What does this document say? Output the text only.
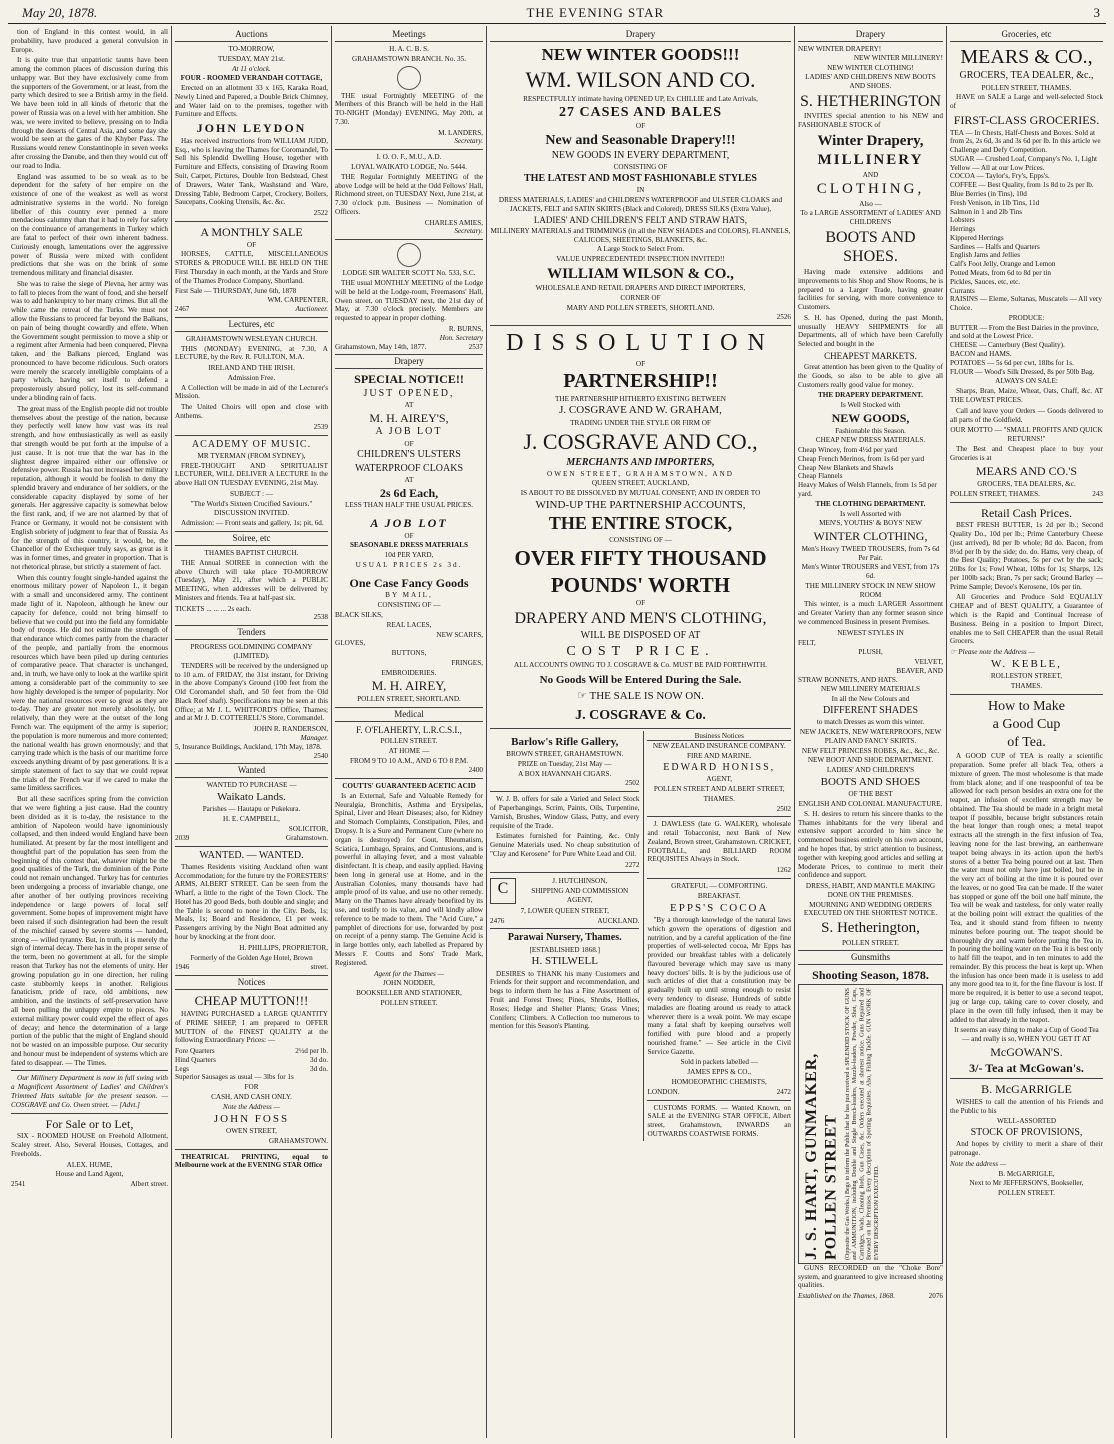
May 20, 1878.	THE EVENING STAR	3

tion of England in this contest would, in all probability, have produced a general convulsion in Europe.

It is quite true that unpatriotic taunts have been among the common places of discussion during this unhappy war. But they have exclusively come from the supporters of the Government, or at least, from the party which desired to see a British army in the field. We have been told in all kinds of rhetoric that the power of Russia was on a level with her ambition. She was, we were invited to believe, pressing on to India through the deserts of Central Asia, and some day she would be seen at the gates of the Khyber Pass. The Russians would renew Constantinople in seven weeks after crossing the Danube, and then they would cut off our road to India.

England was assumed to be so weak as to be dependent for the safety of her empire on the existence of one of the weakest as well as worst administrative systems in the world. No foreign libeller of this country ever penned a more mendacious calumny than that it had to rely for safety on the continuance of arrangements in Turkey which are fatal to perfect of their own inherent badness. Curiously enough, lamentations over the aggressive power of Russia were mixed with confident predictions that she was on the brink of some tremendous military and financial disaster.

She was to raise the siege of Plevna, her army was to fall to pieces from the want of food, and she herself was to add bankruptcy to her many crimes. But all the while came the retreat of the Turks. We must not allow the Russians to proceed far beyond the Balkans, on pain of being thought cowardly and effete. When the Government sought permission to move a ship or a regiment after Armenia had been conquered, Plevna taken, and the Balkans pierced, England was pronounced to have become ridiculous. Such orators were merely the scarcely intelligible complaints of a party which, having set itself to defend a preposterously absurd policy, lost its self-command under a blinding rain of facts.

The great mass of the English people did not trouble themselves about the prestige of the nation, because they perfectly well knew how vast was its real strength, and how enthusiastically as well as easily that strength would be put forth at the impulse of a just cause. It is not true that the war has in the slightest degree impaired either our offensive or defensive power. Russia has not increased her military reputation, although it would be foolish to deny the splendid bravery and endurance of her soldiers, or the considerable capacity displayed by some of her generals. Her aggressive capacity is somewhat below the first rank, and, if we are not alarmed by that of France or Germany, it would not be consistent with English sobriety of judgment to fear that of Russia. As for the strength of this country, it would, be, the Chancellor of the Exchequer truly says, as great as it was in former times, and greater in proportion. That is not rhetorical phrase, but strictly a statement of fact.

When this country fought single-handed against the enormous military power of Napoleon I., it began with a small and unconsidered army. The continent made light of it. Napoleon, although he knew our capacity for defence, could not bring himself to believe that we could put into the field any formidable body of troops. He did not estimate the strength of that endurance which comes partly from the character of the people, and partially from the enormous resources which have been piled up during centuries of comparative peace. That character is unchanged, and, in truth, we have only to look at the warlike spirit among a considerable part of the community to see how highly developed is the temper of popularity. Nor were the national resources ever so great as they are to-day. They are greater not merely absolutely, but relatively, than they were at the outset of the long French war. The equipment of the army is superior; the population is more numerous and more contented; the national wealth has grown enormously; and that carrying trade which is the basis of our maritime force exceeds anything dreamt of by past generations. It is a simple statement of fact to say that we could repeat the trials of the French war if we cared to make the same limitless sacrifices.

But all these sacrifices spring from the conviction that we were fighting a just cause. Had the country been divided as it is to-day, the resistance to the ambition of Napoleon would have ignominiously collapsed, and then indeed would England have been humiliated. At present by far the most intelligent and thoughtful part of the population has seen from the beginning of this contest that, whatever might be the good qualities of the Turk, the dominion of the Porte could not remain unchanged. Turkey has for centuries been undergoing a process of invariable change, one after another of her outlying provinces receiving independence or large powers of local self government. Some hopes of improvement might have been raised if such disintegration had been the result of the mischief caused by severe storms — handed, strong — willed tyranny. But, in truth, it is merely the sign of internal decay. There has in the proper sense of the term, been no government at all, for the simple reason that Turkey has not the elements of unity. Her growing population go in one direction, her ruling caste stubbornly keeps in another. Religious fanaticism, pride of race, old ambitions, new ambition, and the instincts of self-preservation have all been pulling the unhappy empire to pieces. No external military power could expel the effect of ages of decay; and hence the determination of a large portion of the public that the might of England should not be wasted on an impossible purpose. Our security and honour must be independent of systems which are fated to disappear. — The Times.

Our Millinery Department is now in full swing with a Magnificent Assortment of Ladies' and Children's Trimmed Hats suitable for the present season. — COSGRAVE and Co. Owen street. — [Advt.]

For Sale or to Let,

SIX - ROOMED HOUSE on Freehold Allotment, Scaley street. Also, Several Houses, Cottages, and Freeholds.

ALEX. HUME,
House and Land Agent,
2541	Albert street.
Auctions
TO-MORROW,
TUESDAY, MAY 21st.
At 11 o'clock.
FOUR - ROOMED VERANDAH COTTAGE,

Erected on an allotment 33 x 165, Karaka Road, Newly Lined and Papered, a Double Brick Chimney, and Water laid on to the premises, together with Furniture and Effects.

JOHN LEYDON

Has received instructions from WILLIAM JUDD, Esq., who is leaving the Thames for Coromandel, To Sell his Splendid Dwelling House, together with Furniture and Effects, consisting of Drawing Room Suit, Carpet, Pictures, Double Iron Bedstead, Chest of Drawers, Water Tank, Washstand and Ware, Dressing Table, Bedroom Carpet, Crockery, Boilers, Saucepans, Cooking Utensils, &c. &c.

2522
A MONTHLY SALE
OF

HORSES, CATTLE, MISCELLANEOUS STORES & PRODUCE WILL BE HELD ON THE First Thursday in each month, at the Yards and Store of the Thames Produce Company, Shortland.

First Sale — THURSDAY, June 6th, 1878
WM. CARPENTER,
2467	Auctioneer.
Lectures, etc
GRAHAMSTOWN WESLEYAN CHURCH.

THIS (MONDAY) EVENING, at 7.30, A LECTURE, by the Rev. R. FULLTON, M.A.

IRELAND AND THE IRISH.
Admission Free.

A Collection will be made in aid of the Lecturer's Mission.

The United Choirs will open and close with Anthems.

2539
ACADEMY OF MUSIC.
MR TYERMAN (FROM SYDNEY),

FREE-THOUGHT AND SPIRITUALIST LECTURER, WILL DELIVER A LECTURE In the above Hall ON TUESDAY EVENING, 21st May.

SUBJECT : —
"The World's Sixteen Crucified Saviours."
DISCUSSION INVITED.

Admission: — Front seats and gallery, 1s; pit, 6d.

Soiree, etc
THAMES BAPTIST CHURCH.

THE Annual SOIREE in connection with the above Church will take place TO-MORROW (Tuesday), May 21, after which a PUBLIC MEETING, when addresses will be delivered by Ministers and friends. Tea at half-past six.

TICKETS ... ... ... 2s each.
2538
Tenders
PROGRESS GOLDMINING COMPANY (LIMITED).

TENDERS will be received by the undersigned up to 10 a.m. of FRIDAY, the 31st instant, for Driving in the above Company's Ground (100 feet from the Old Coromandel shaft, and 50 feet from the Old Black Reef shaft). Specifications may be seen at this Office; at Mr J. L. WHITFORD'S Office, Thames; and at Mr J. D. COTTERELL'S Store, Coromandel.

JOHN R. RANDERSON,
Manager.
5, Insurance Buildings, Auckland, 17th May, 1878.
2540
Wanted
WANTED TO PURCHASE —
Waikato Lands.
Parishes — Hautapu or Pukekura.
H. E. CAMPBELL,
SOLICITOR,
2039	Grahamstown.
WANTED. — WANTED.

Thames Residents visiting Auckland often want Accommodation; for the future try the FORESTERS' ARMS, ALBERT STREET. Can be seen from the Wharf, a little to the right of the Town Clock. The Hotel has 20 good Beds, both double and single; and the Table is second to none in the City. Beds, 1s; Meals, 1s; Board and Residence, £1 per week. Passengers arriving by the Night Boat admitted any hour by knocking at the front door.

H. PHILLIPS, PROPRIETOR,
Formerly of the Golden Age Hotel, Brown
1946	street.
Notices
CHEAP MUTTON!!!

HAVING PURCHASED a LARGE QUANTITY of PRIME SHEEP, I am prepared to OFFER MUTTON of the FINEST QUALITY at the following Extraordinary Prices: —

Fore Quarters	2½d per lb.
Hind Quarters	3d do.
Legs	3d do.
Superior Sausages as usual — 3lbs for 1s
FOR
CASH, AND CASH ONLY.
Note the Address —
JOHN FOSS
OWEN STREET,
GRAHAMSTOWN.

THEATRICAL PRINTING, equal to Melbourne work at the EVENING STAR Office

Meetings
H. A. C. B. S.
GRAHAMSTOWN BRANCH. No. 35.

THE usual Fortnightly MEETING of the Members of this Branch will be held in the Hall TO-NIGHT (Monday) EVENING, May 20th, at 7.30.

M. LANDERS,
Secretary.
I. O. O. F., M.U., A.D.
LOYAL WAIKATO LODGE, No. 5444.

THE Regular Fortnightly MEETING of the above Lodge will be held at the Odd Fellows' Hall, Richmond street, on TUESDAY Next, June 21st, at 7.30 o'clock p.m. Business — Nomination of Officers.

CHARLES AMIES,
Secretary.
LODGE SIR WALTER SCOTT No. 533, S.C.

THE usual MONTHLY MEETING of the Lodge will be held at the Lodge-room, Freemasons' Hall, Owen street, on TUESDAY next, the 21st day of May, at 7.30 o'clock precisely. Members are requested to appear in proper clothing.

R. BURNS,
Hon. Secretary
Grahamstown, May 14th, 1877.	2537
Drapery
SPECIAL NOTICE!!
JUST OPENED,
AT
M. H. AIREY'S,
A JOB LOT
OF
CHILDREN'S ULSTERS
WATERPROOF CLOAKS
AT
2s 6d Each,
LESS THAN HALF THE USUAL PRICES.
A JOB LOT
OF
SEASONABLE DRESS MATERIALS
10d PER YARD,
USUAL PRICES 2s 3d.
One Case Fancy Goods
BY MAIL,
CONSISTING OF —
BLACK SILKS,
REAL LACES,
NEW SCARFS,
GLOVES,
BUTTONS,
FRINGES,
EMBROIDERIES.
M. H. AIREY,
POLLEN STREET, SHORTLAND.
Medical
F. O'FLAHERTY, L.R.C.S.I.,
POLLEN STREET.
AT HOME —
FROM 9 TO 10 A.M., AND 6 TO 8 P.M.
2400
COUTTS' GUARANTEED ACETIC ACID

Is an External, Safe and Valuable Remedy for Neuralgia, Bronchitis, Asthma and Erysipelas, Spinal, Liver and Heart Diseases; also, for Kidney and Stomach Complaints, Constipation, Piles, and Dropsy. It is a Sure and Permanent Cure (where no organ is destroyed) for Gout, Rheumatism, Sciatica, Lumbago, Sprains, and Contusions, and is powerful in allaying fever, and a most valuable disinfectant. It is cheap, and easily applied. Having been long in general use at Home, and in the Australian Colonies, many thousands have had ample proof of its value, and use no other remedy. Many on the Thames have already benefited by its use, and testify to its value, and will kindly allow reference to be made to them. The "Acid Cure," a pamphlet of directions for use, forwarded by post on receipt of a penny stamp. The Genuine Acid is in large bottles only, each labelled as Prepared by Messrs F. Coutts and Sons' Trade Mark, Registered.

Agent for the Thames —
JOHN NODDER,
BOOKSELLER AND STATIONER,
POLLEN STREET.
Drapery
NEW WINTER GOODS!!!
WM. WILSON AND CO.
RESPECTFULLY intimate having OPENED UP, Ex CHILLIE and Late Arrivals,
27 CASES AND BALES
OF
New and Seasonable Drapery!!!
NEW GOODS IN EVERY DEPARTMENT,
CONSISTING OF
THE LATEST AND MOST FASHIONABLE STYLES
IN

DRESS MATERIALS, LADIES' and CHILDREN'S WATERPROOF and ULSTER CLOAKS and JACKETS, FELT and SATIN SKIRTS (Black and Colored), DRESS SILKS (Extra Value),

LADIES' AND CHILDREN'S FELT AND STRAW HATS,

MILLINERY MATERIALS and TRIMMINGS (in all the NEW SHADES and COLORS), FLANNELS, CALICOES, SHEETINGS, BLANKETS, &c.

A Large Stock to Select From.
VALUE UNPRECEDENTED! INSPECTION INVITED!!
WILLIAM WILSON & CO.,
WHOLESALE AND RETAIL DRAPERS AND DIRECT IMPORTERS,
CORNER OF
MARY AND POLLEN STREETS, SHORTLAND.
2526
DISSOLUTION
OF
PARTNERSHIP!!
THE PARTNERSHIP HITHERTO EXISTING BETWEEN
J. COSGRAVE AND W. GRAHAM,
TRADING UNDER THE STYLE OR FIRM OF
J. COSGRAVE AND CO.,
MERCHANTS AND IMPORTERS,
OWEN STREET, GRAHAMSTOWN, AND
QUEEN STREET, AUCKLAND,
IS ABOUT TO BE DISSOLVED BY MUTUAL CONSENT; AND IN ORDER TO
WIND-UP THE PARTNERSHIP ACCOUNTS,
THE ENTIRE STOCK,
CONSISTING OF —
OVER FIFTY THOUSAND
POUNDS' WORTH
OF
DRAPERY AND MEN'S CLOTHING,
WILL BE DISPOSED OF AT
COST PRICE.
ALL ACCOUNTS OWING TO J. COSGRAVE & Co. MUST BE PAID FORTHWITH.
No Goods Will be Entered During the Sale.
☞ THE SALE IS NOW ON.
J. COSGRAVE & Co.
Barlow's Rifle Gallery,
BROWN STREET, GRAHAMSTOWN.
PRIZE on Tuesday, 21st May —
A BOX HAVANNAH CIGARS.
2502

W. J. B. offers for sale a Varied and Select Stock of Paperhangings, Scrim, Paints, Oils, Turpentine, Varnish, Brushes, Window Glass, Putty, and every requisite of the Trade.

Estimates furnished for Painting, &c. Only Genuine Materials used. No cheap substitution of "Clay and Kerosene" for Pure White Lead and Oil.

2272
C	J. HUTCHINSON,
SHIPPING AND COMMISSION AGENT,
7, LOWER QUEEN STREET,
2476	AUCKLAND.
Parawai Nursery, Thames.
[ESTABLISHED 1868.]
H. STILWELL

DESIRES to THANK his many Customers and Friends for their support and recommendation, and begs to inform them he has a Fine Assortment of Fruit and Forest Trees; Pines, Shrubs, Hollies, Roses; Hedge and Shelter Plants; Grass Vines; Conifers; Climbers. A Collection too numerous to mention for this Season's Planting.

Business Notices
NEW ZEALAND INSURANCE COMPANY.
FIRE AND MARINE.
EDWARD HONISS,
AGENT,
POLLEN STREET AND ALBERT STREET,
THAMES.
2502

J. DAWLESS (late G. WALKER), wholesale and retail Tobacconist, next Bank of New Zealand, Brown street, Grahamstown. CRICKET, FOOTBALL, and BILLIARD ROOM REQUISITES Always in Stock.

1262
GRATEFUL — COMFORTING.
BREAKFAST.
EPPS'S COCOA

"By a thorough knowledge of the natural laws which govern the operations of digestion and nutrition, and by a careful application of the fine properties of well-selected cocoa, Mr Epps has provided our breakfast tables with a delicately flavoured beverage which may save us many heavy doctors' bills. It is by the judicious use of such articles of diet that a constitution may be gradually built up until strong enough to resist every tendency to disease. Hundreds of subtle maladies are floating around us ready to attack wherever there is a weak point. We may escape many a fatal shaft by keeping ourselves well fortified with pure blood and a properly nourished frame." — See article in the Civil Service Gazette.

Sold in packets labelled —
JAMES EPPS & CO.,
HOMOEOPATHIC CHEMISTS,
LONDON.	2472

CUSTOMS FORMS. — Wanted Known, on SALE at the EVENING STAR OFFICE, Albert street, Grahamstown, INWARDS an OUTWARDS COASTWISE FORMS.

Drapery
NEW WINTER DRAPERY!
NEW WINTER MILLINERY!
NEW WINTER CLOTHING!
LADIES' AND CHILDREN'S NEW BOOTS AND SHOES.
S. HETHERINGTON

INVITES special attention to his NEW and FASHIONABLE STOCK of

Winter Drapery,
MILLINERY
AND
CLOTHING,
Also —
To a LARGE ASSORTMENT of LADIES' AND CHILDREN'S
BOOTS AND SHOES.

Having made extensive additions and improvements to his Shop and Show Rooms, he is prepared to a Larger Trade, having greater facilities for serving, with more convenience to Customers.

S. H. has Opened, during the past Month, unusually HEAVY SHIPMENTS for all Departments, all of which have been Carefully Selected and bought in the

CHEAPEST MARKETS.

Great attention has been given to the Quality of the Goods, so also to be able to give all Customers really good value for money.

THE DRAPERY DEPARTMENT.
Is Well Stocked with
NEW GOODS,
Fashionable this Season.
CHEAP NEW DRESS MATERIALS.
Cheap Wincey, from 4½d per yard
Cheap French Merinos, from 1s 6d per yard
Cheap New Blankets and Shawls
Cheap Flannels
Heavy Makes of Welsh Flannels, from 1s 5d per yard.
THE CLOTHING DEPARTMENT.
Is well Assorted with
MEN'S, YOUTHS' & BOYS' NEW
WINTER CLOTHING,
Men's Heavy TWEED TROUSERS, from 7s 6d Per Pair.
Men's Winter TROUSERS and VEST, from 17s 6d.
THE MILLINERY STOCK IN NEW SHOW ROOM

This winter, is a much LARGER Assortment and Greater Variety than any former season since we commenced Business in present Premises.

NEWEST STYLES IN
FELT,
PLUSH,
VELVET,
BEAVER, AND
STRAW BONNETS, AND HATS.
NEW MILLINERY MATERIALS
In all the New Colours and
DIFFERENT SHADES
to match Dresses as worn this winter.
NEW JACKETS, NEW WATERPROOFS, NEW PLAIN AND FANCY SKIRTS.
NEW FELT PRINCESS ROBES, &c., &c., &c.
NEW BOOT AND SHOE DEPARTMENT.
LADIES' AND CHILDREN'S
BOOTS AND SHOES
OF THE BEST
ENGLISH AND COLONIAL MANUFACTURE.

S. H. desires to return his sincere thanks to the Thames inhabitants for the very liberal and extensive support accorded to him since he commenced business entirely on his own account, and he hopes that, by strict attention to business, together with keeping good articles and selling at Moderate Prices, to continue to merit their confidence and support.

DRESS, HABIT, AND MANTLE MAKING DONE ON THE PREMISES.
MOURNING AND WEDDING ORDERS EXECUTED ON THE SHORTEST NOTICE.
S. Hetherington,
POLLEN STREET.
Gunsmiths
Shooting Season, 1878.
J. S. HART, GUNMAKER, POLLEN STREET (Opposite the Gas Works.) Begs to inform the Public that he has just received a SPLENDID STOCK OF GUNS and AMMUNITION, including Double and Single Breech-loaders, Muzzle-loaders, Powder, Shot, Caps, Cartridges, Wads, Cleaning Rods, Gun Cases, &c. Orders executed at shortest notice. Guns Repaired and Browned on the Premises. Every description of Sporting Requisites. Also, Fishing Tackle. GUN WORK OF EVERY DESCRIPTION EXECUTED.

GUNS RECORDED on the "Choke Bore" system, and guaranteed to give increased shooting qualities.

Established on the Thames, 1868.	2076
Groceries, etc
MEARS & CO.,
GROCERS, TEA DEALER, &c.,
POLLEN STREET, THAMES.

HAVE on SALE a Large and well-selected Stock of

FIRST-CLASS GROCERIES.
TEA — In Chests, Half-Chests and Boxes. Sold at from 2s, 2s 6d, 3s and 3s 6d per lb. In this article we Challenge and Defy Competition.
SUGAR — Crushed Loaf, Company's No. 1, Light Yellow — All at our Low Prices.
COCOA — Taylor's, Fry's, Epps's.
COFFEE — Best Quality, from 1s 8d to 2s per lb.
Blue Berries (in Tins), 10d
Fresh Venison, in 1lb Tins, 11d
Salmon in 1 and 2lb Tins
Lobsters
Herrings
Kippered Herrings
Sardines — Halfs and Quarters
English Jams and Jellies
Calf's Foot Jelly, Orange and Lemon
Potted Meats, from 6d to 8d per tin
Pickles, Sauces, etc, etc.
Currants
RAISINS — Eleme, Sultanas, Muscatels — All very Choice.
PRODUCE:
BUTTER — From the Best Dairies in the province, and sold at the Lowest Price.
CHEESE — Canterbury (Best Quality).
BACON and HAMS.
POTATOES — 5s 6d per cwt, 18lbs for 1s.
FLOUR — Wood's Silk Dressed, 8s per 50lb Bag.
ALWAYS ON SALE:

Sharps, Bran, Maize, Wheat, Oats, Chaff, &c. AT THE LOWEST PRICES.

Call and leave your Orders — Goods delivered to all parts of the Goldfield.

OUR MOTTO — "SMALL PROFITS AND QUICK RETURNS!"

The Best and Cheapest place to buy your Groceries is at

MEARS AND CO.'S
GROCERS, TEA DEALERS, &c.
POLLEN STREET, THAMES.	243
Retail Cash Prices.

BEST FRESH BUTTER, 1s 2d per lb.; Second Quality Do., 10d per lb.; Prime Canterbury Cheese (just arrived), 8d per lb whole; 8d do. Bacon, from 8½d per lb by the side; do. do. Hams, very cheap, of the Best Quality; Potatoes, 5s per cwt by the sack; 20lbs for 1s; Fowl Wheat, 10lbs for 1s; Sharps, 12s per 100lb sack; Bran, 7s per sack; Ground Barley — Prime Sample; Devoe's Kerosene, 10s per tin.

All Groceries and Produce Sold EQUALLY CHEAP and of BEST QUALITY, a Guarantee of which is the Rapid and Continual Increase of Business. Being in a position to Import Direct, enables me to Sell CHEAPER than the usual Retail Grocers.

☞ Please note the Address —
W. KEBLE,
ROLLESTON STREET,
THAMES.
How to Make
a Good Cup
of Tea.

A GOOD CUP of TEA is really a scientific preparation. Some prefer all black Tea, others a mixture of green. The most wholesome is that made from black alone; and if one teaspoonful of tea be allowed for each person besides an extra one for the teapot, an infusion of excellent strength may be obtained. The Tea should be made in a bright metal teapot if possible, because bright substances retain the heat longer than rough ones; a metal teapot extracts all the strength in the first infusion of Tea, leaving none for the last brewing, an earthenware teapot being always in its action upon the herb's stores of a better Tea being poured out at last. Then the water must not only have just boiled, but be in the very act of boiling at the time it is poured over the leaves, or no good Tea can be made. If the water has stopped or gone off the boil one half minute, the Tea will be weak and tasteless, for only water really at the boiling point will extract the qualities of the Tea, and it should stand from fifteen to twenty minutes before pouring out. The teapot should be thoroughly dry and warm before putting the Tea in. In pouring the boiling water on the Tea it is best only to half fill the teapot, and in ten minutes to add the remainder. By this process the heat is kept up. When the infusion has once been made it is useless to add any more good tea to it, for the fine flavour is lost. If more be required, it is better to use a second teapot, jug or large cup, taking care to cover closely, and place in the oven till fully infused, then it may be added to that already in the teapot.

It seems an easy thing to make a Cup of Good Tea — and really is so, WHEN YOU GET IT AT

McGOWAN'S.
3/- Tea at McGowan's.
B. McGARRIGLE

WISHES to call the attention of his Friends and the Public to his

WELL-ASSORTED
STOCK OF PROVISIONS,

And hopes by civility to merit a share of their patronage.

Note the address —
B. McGARRIGLE,
Next to Mr JEFFERSON'S, Bookseller,
POLLEN STREET.
